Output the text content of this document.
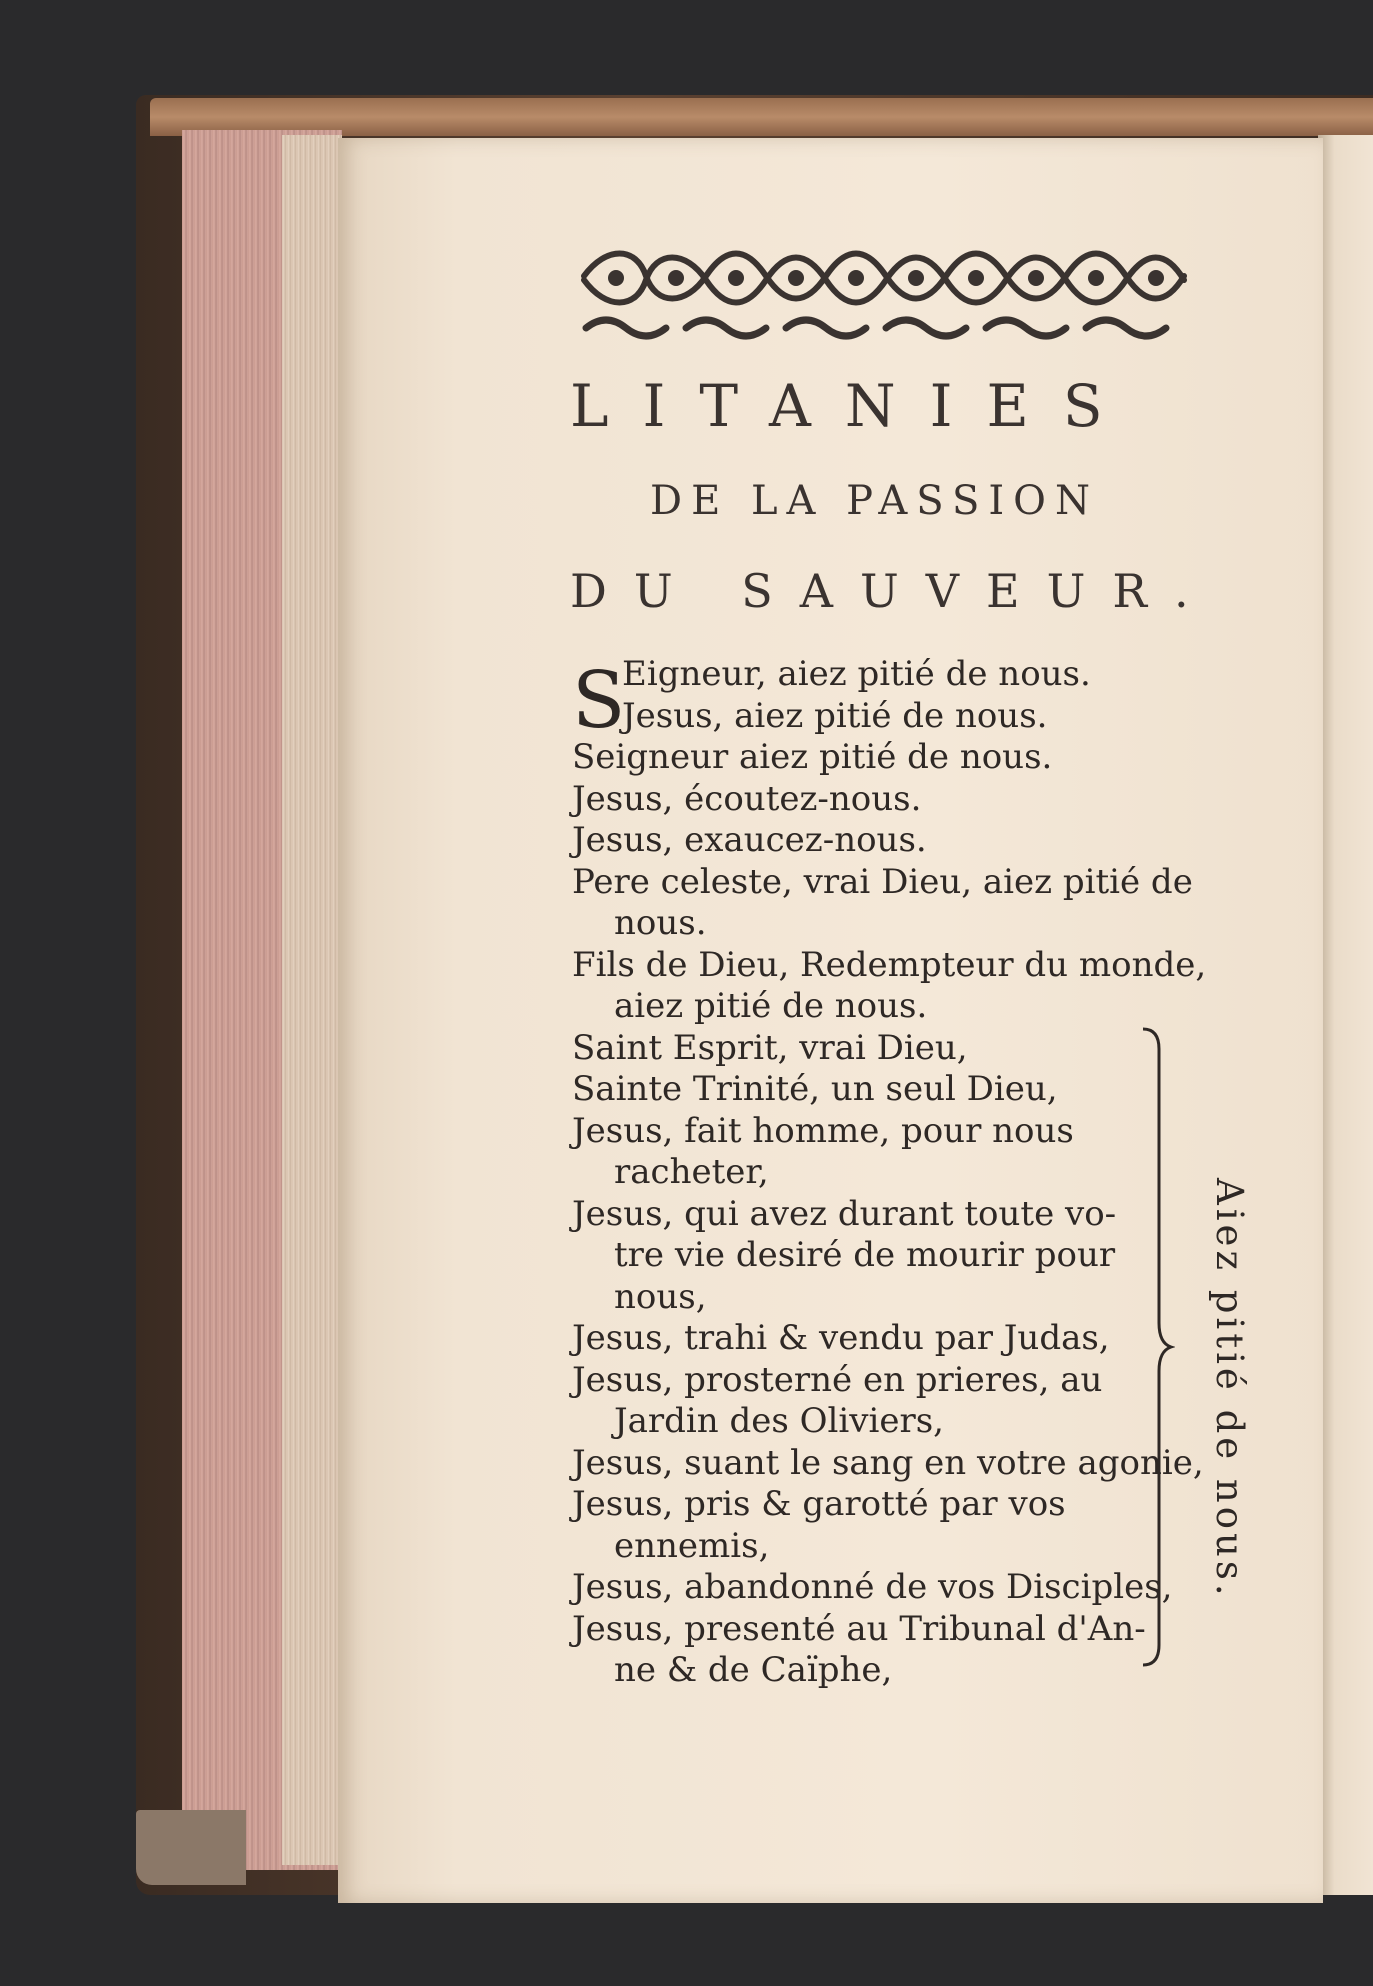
LITANIES
DE LA PASSION
DU SAUVEUR.
S
Eigneur, aiez pitié de nous.
Jesus, aiez pitié de nous.
Seigneur aiez pitié de nous.
Jesus, écoutez-nous.
Jesus, exaucez-nous.
Pere celeste, vrai Dieu, aiez pitié de
nous.
Fils de Dieu, Redempteur du monde,
aiez pitié de nous.
Saint Esprit, vrai Dieu,
Sainte Trinité, un seul Dieu,
Jesus, fait homme, pour nous
racheter,
Jesus, qui avez durant toute vo-
tre vie desiré de mourir pour
nous,
Jesus, trahi & vendu par Judas,
Jesus, prosterné en prieres, au
Jardin des Oliviers,
Jesus, suant le sang en votre agonie,
Jesus, pris & garotté par vos
ennemis,
Jesus, abandonné de vos Disciples,
Jesus, presenté au Tribunal d'An-
ne & de Caïphe,
Aiez pitié de nous.
